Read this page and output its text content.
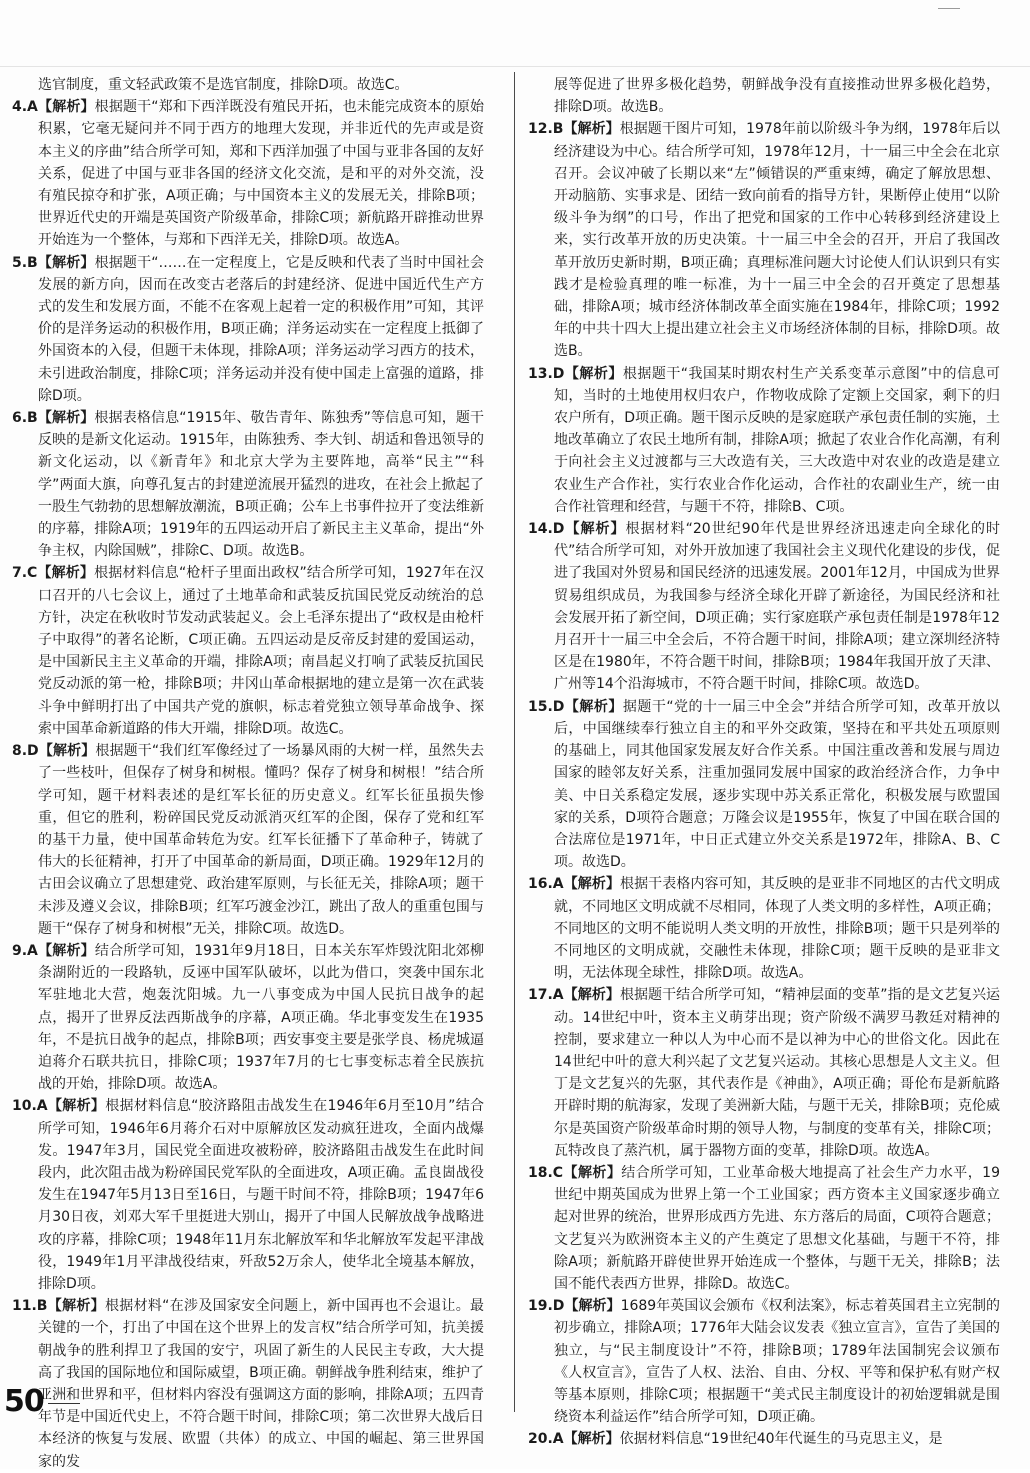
选官制度，重文轻武政策不是选官制度，排除D项。故选C。
4.A【解析】根据题干“郑和下西洋既没有殖民开拓，也未能完成资本的原始积累，它毫无疑问并不同于西方的地理大发现，并非近代的先声或是资本主义的序曲”结合所学可知，郑和下西洋加强了中国与亚非各国的友好关系，促进了中国与亚非各国的经济文化交流，是和平的对外交流，没有殖民掠夺和扩张，A项正确；与中国资本主义的发展无关，排除B项；世界近代史的开端是英国资产阶级革命，排除C项；新航路开辟推动世界开始连为一个整体，与郑和下西洋无关，排除D项。故选A。
5.B【解析】根据题干“……在一定程度上，它是反映和代表了当时中国社会发展的新方向，因而在改变古老落后的封建经济、促进中国近代生产方式的发生和发展方面，不能不在客观上起着一定的积极作用”可知，其评价的是洋务运动的积极作用，B项正确；洋务运动实在一定程度上抵御了外国资本的入侵，但题干未体现，排除A项；洋务运动学习西方的技术，未引进政治制度，排除C项；洋务运动并没有使中国走上富强的道路，排除D项。
6.B【解析】根据表格信息“1915年、敬告青年、陈独秀”等信息可知，题干反映的是新文化运动。1915年，由陈独秀、李大钊、胡适和鲁迅领导的新文化运动，以《新青年》和北京大学为主要阵地，高举“民主”“科学”两面大旗，向尊孔复古的封建逆流展开猛烈的进攻，在社会上掀起了一股生气勃勃的思想解放潮流，B项正确；公车上书事件拉开了变法维新的序幕，排除A项；1919年的五四运动开启了新民主主义革命，提出“外争主权，内除国贼”，排除C、D项。故选B。
7.C【解析】根据材料信息“枪杆子里面出政权”结合所学可知，1927年在汉口召开的八七会议上，通过了土地革命和武装反抗国民党反动统治的总方针，决定在秋收时节发动武装起义。会上毛泽东提出了“政权是由枪杆子中取得”的著名论断，C项正确。五四运动是反帝反封建的爱国运动，是中国新民主主义革命的开端，排除A项；南昌起义打响了武装反抗国民党反动派的第一枪，排除B项；井冈山革命根据地的建立是第一次在武装斗争中鲜明打出了中国共产党的旗帜，标志着党独立领导革命战争、探索中国革命新道路的伟大开端，排除D项。故选C。
8.D【解析】根据题干“我们红军像经过了一场暴风雨的大树一样，虽然失去了一些枝叶，但保存了树身和树根。懂吗？保存了树身和树根！”结合所学可知，题干材料表述的是红军长征的历史意义。红军长征虽损失惨重，但它的胜利，粉碎国民党反动派消灭红军的企图，保存了党和红军的基干力量，使中国革命转危为安。红军长征播下了革命种子，铸就了伟大的长征精神，打开了中国革命的新局面，D项正确。1929年12月的古田会议确立了思想建党、政治建军原则，与长征无关，排除A项；题干未涉及遵义会议，排除B项；红军巧渡金沙江，跳出了敌人的重重包围与题干“保存了树身和树根”无关，排除C项。故选D。
9.A【解析】结合所学可知，1931年9月18日，日本关东军炸毁沈阳北郊柳条湖附近的一段路轨，反诬中国军队破坏，以此为借口，突袭中国东北军驻地北大营，炮轰沈阳城。九一八事变成为中国人民抗日战争的起点，揭开了世界反法西斯战争的序幕，A项正确。华北事变发生在1935年，不是抗日战争的起点，排除B项；西安事变主要是张学良、杨虎城逼迫蒋介石联共抗日，排除C项；1937年7月的七七事变标志着全民族抗战的开始，排除D项。故选A。
10.A【解析】根据材料信息“胶济路阻击战发生在1946年6月至10月”结合所学可知，1946年6月蒋介石对中原解放区发动疯狂进攻，全面内战爆发。1947年3月，国民党全面进攻被粉碎，胶济路阻击战发生在此时间段内，此次阻击战为粉碎国民党军队的全面进攻，A项正确。孟良崮战役发生在1947年5月13日至16日，与题干时间不符，排除B项；1947年6月30日夜，刘邓大军千里挺进大别山，揭开了中国人民解放战争战略进攻的序幕，排除C项；1948年11月东北解放军和华北解放军发起平津战役，1949年1月平津战役结束，歼敌52万余人，使华北全境基本解放，排除D项。
11.B【解析】根据材料“在涉及国家安全问题上，新中国再也不会退让。最关键的一个，打出了中国在这个世界上的发言权”结合所学可知，抗美援朝战争的胜利捍卫了我国的安宁，巩固了新生的人民民主专政，大大提高了我国的国际地位和国际威望，B项正确。朝鲜战争胜利结束，维护了亚洲和世界和平，但材料内容没有强调这方面的影响，排除A项；五四青年节是中国近代史上，不符合题干时间，排除C项；第二次世界大战后日本经济的恢复与发展、欧盟（共体）的成立、中国的崛起、第三世界国家的发
展等促进了世界多极化趋势，朝鲜战争没有直接推动世界多极化趋势，排除D项。故选B。
12.B【解析】根据题干图片可知，1978年前以阶级斗争为纲，1978年后以经济建设为中心。结合所学可知，1978年12月，十一届三中全会在北京召开。会议冲破了长期以来“左”倾错误的严重束缚，确定了解放思想、开动脑筋、实事求是、团结一致向前看的指导方针，果断停止使用“以阶级斗争为纲”的口号，作出了把党和国家的工作中心转移到经济建设上来，实行改革开放的历史决策。十一届三中全会的召开，开启了我国改革开放历史新时期，B项正确；真理标准问题大讨论使人们认识到只有实践才是检验真理的唯一标准，为十一届三中全会的召开奠定了思想基础，排除A项；城市经济体制改革全面实施在1984年，排除C项；1992年的中共十四大上提出建立社会主义市场经济体制的目标，排除D项。故选B。
13.D【解析】根据题干“我国某时期农村生产关系变革示意图”中的信息可知，当时的土地使用权归农户，作物收成除了定额上交国家，剩下的归农户所有，D项正确。题干图示反映的是家庭联产承包责任制的实施，土地改革确立了农民土地所有制，排除A项；掀起了农业合作化高潮，有利于向社会主义过渡都与三大改造有关，三大改造中对农业的改造是建立农业生产合作社，实行农业合作化运动，合作社的农副业生产，统一由合作社管理和经营，与题干不符，排除B、C项。
14.D【解析】根据材料“20世纪90年代是世界经济迅速走向全球化的时代”结合所学可知，对外开放加速了我国社会主义现代化建设的步伐，促进了我国对外贸易和国民经济的迅速发展。2001年12月，中国成为世界贸易组织成员，为我国参与经济全球化开辟了新途径，为国民经济和社会发展开拓了新空间，D项正确；实行家庭联产承包责任制是1978年12月召开十一届三中全会后，不符合题干时间，排除A项；建立深圳经济特区是在1980年，不符合题干时间，排除B项；1984年我国开放了天津、广州等14个沿海城市，不符合题干时间，排除C项。故选D。
15.D【解析】据题干“党的十一届三中全会”并结合所学可知，改革开放以后，中国继续奉行独立自主的和平外交政策，坚持在和平共处五项原则的基础上，同其他国家发展友好合作关系。中国注重改善和发展与周边国家的睦邻友好关系，注重加强同发展中国家的政治经济合作，力争中美、中日关系稳定发展，逐步实现中苏关系正常化，积极发展与欧盟国家的关系，D项符合题意；万隆会议是1955年，恢复了中国在联合国的合法席位是1971年，中日正式建立外交关系是1972年，排除A、B、C项。故选D。
16.A【解析】根据干表格内容可知，其反映的是亚非不同地区的古代文明成就，不同地区文明成就不尽相同，体现了人类文明的多样性，A项正确；不同地区的文明不能说明人类文明的开放性，排除B项；题干只是列举的不同地区的文明成就，交融性未体现，排除C项；题干反映的是亚非文明，无法体现全球性，排除D项。故选A。
17.A【解析】根据题干结合所学可知，“精神层面的变革”指的是文艺复兴运动。14世纪中叶，资本主义萌芽出现；资产阶级不满罗马教廷对精神的控制，要求建立一种以人为中心而不是以神为中心的世俗文化。因此在14世纪中叶的意大利兴起了文艺复兴运动。其核心思想是人文主义。但丁是文艺复兴的先驱，其代表作是《神曲》，A项正确；哥伦布是新航路开辟时期的航海家，发现了美洲新大陆，与题干无关，排除B项；克伦威尔是英国资产阶级革命时期的领导人物，与制度的变革有关，排除C项；瓦特改良了蒸汽机，属于器物方面的变革，排除D项。故选A。
18.C【解析】结合所学可知，工业革命极大地提高了社会生产力水平，19世纪中期英国成为世界上第一个工业国家；西方资本主义国家逐步确立起对世界的统治，世界形成西方先进、东方落后的局面，C项符合题意；文艺复兴为欧洲资本主义的产生奠定了思想文化基础，与题干不符，排除A项；新航路开辟使世界开始连成一个整体，与题干无关，排除B；法国不能代表西方世界，排除D。故选C。
19.D【解析】1689年英国议会颁布《权利法案》，标志着英国君主立宪制的初步确立，排除A项；1776年大陆会议发表《独立宣言》，宣告了美国的独立，与“民主制度设计”不符，排除B项；1789年法国制宪会议颁布《人权宣言》，宣告了人权、法治、自由、分权、平等和保护私有财产权等基本原则，排除C项；根据题干“美式民主制度设计的初始逻辑就是围绕资本利益运作”结合所学可知，D项正确。
20.A【解析】依据材料信息“19世纪40年代诞生的马克思主义，是
50
